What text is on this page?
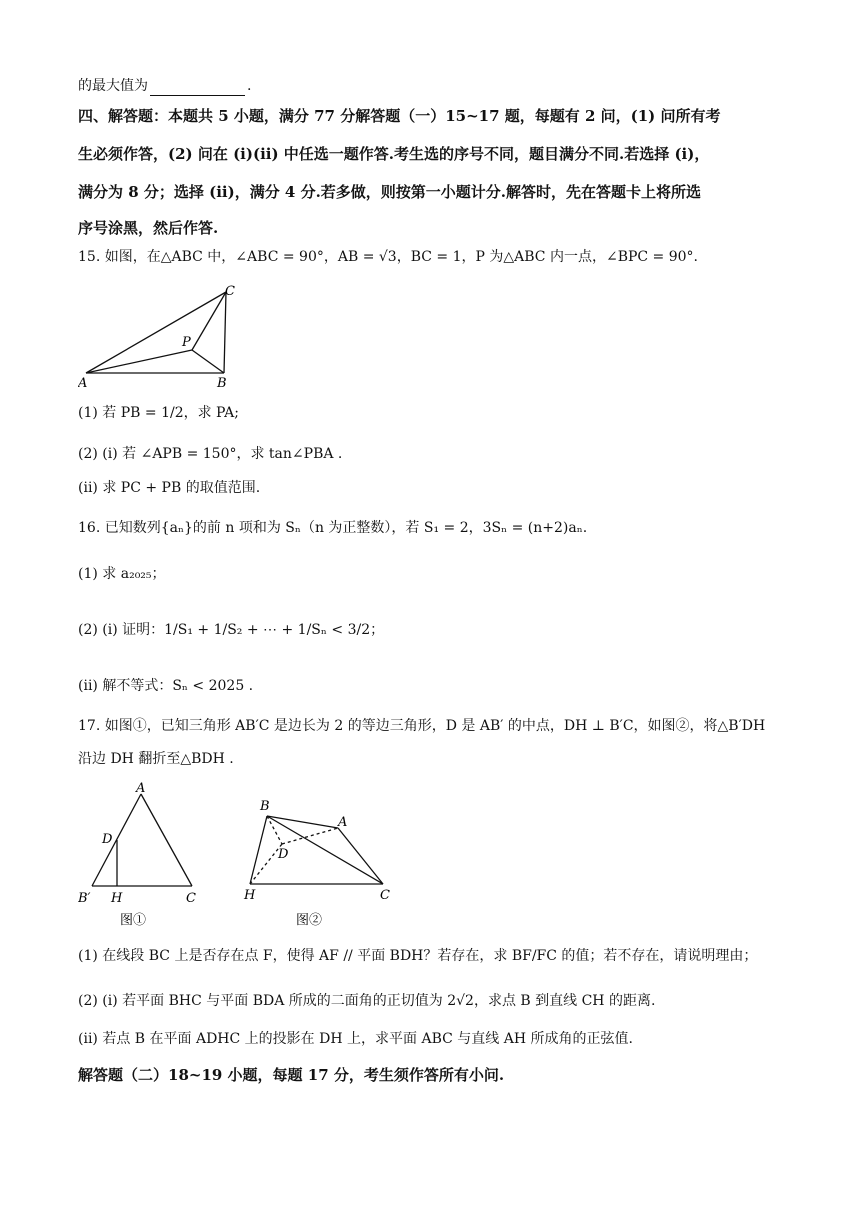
的最大值为	.
四、解答题：本题共 5 小题，满分 77 分解答题（一）15~17 题，每题有 2 问，(1) 问所有考
生必须作答，(2) 问在 (i)(ii) 中任选一题作答.考生选的序号不同，题目满分不同.若选择 (i)，
满分为 8 分；选择 (ii)，满分 4 分.若多做，则按第一小题计分.解答时，先在答题卡上将所选
序号涂黑，然后作答.
15. 如图，在△ABC 中，∠ABC = 90°，AB = √3，BC = 1，P 为△ABC 内一点，∠BPC = 90°.
A	B
C
P
(1) 若 PB = 1/2，求 PA;
(2) (i) 若 ∠APB = 150°，求 tan∠PBA .
(ii) 求 PC + PB 的取值范围.
16. 已知数列{aₙ}的前 n 项和为 Sₙ（n 为正整数），若 S₁ = 2，3Sₙ = (n+2)aₙ.
(1) 求 a₂₀₂₅；
(2) (i) 证明：1/S₁ + 1/S₂ + ⋯ + 1/Sₙ < 3/2；
(ii) 解不等式：Sₙ < 2025 .
17. 如图①，已知三角形 AB′C 是边长为 2 的等边三角形，D 是 AB′ 的中点，DH ⊥ B′C，如图②，将△B′DH
沿边 DH 翻折至△BDH .
A
D
B′ H	C
图①
B
A
D
H	C
图②
(1) 在线段 BC 上是否存在点 F，使得 AF // 平面 BDH？若存在，求 BF/FC 的值；若不存在，请说明理由；
(2) (i) 若平面 BHC 与平面 BDA 所成的二面角的正切值为 2√2，求点 B 到直线 CH 的距离.
(ii) 若点 B 在平面 ADHC 上的投影在 DH 上，求平面 ABC 与直线 AH 所成角的正弦值.
解答题（二）18~19 小题，每题 17 分，考生须作答所有小问.
